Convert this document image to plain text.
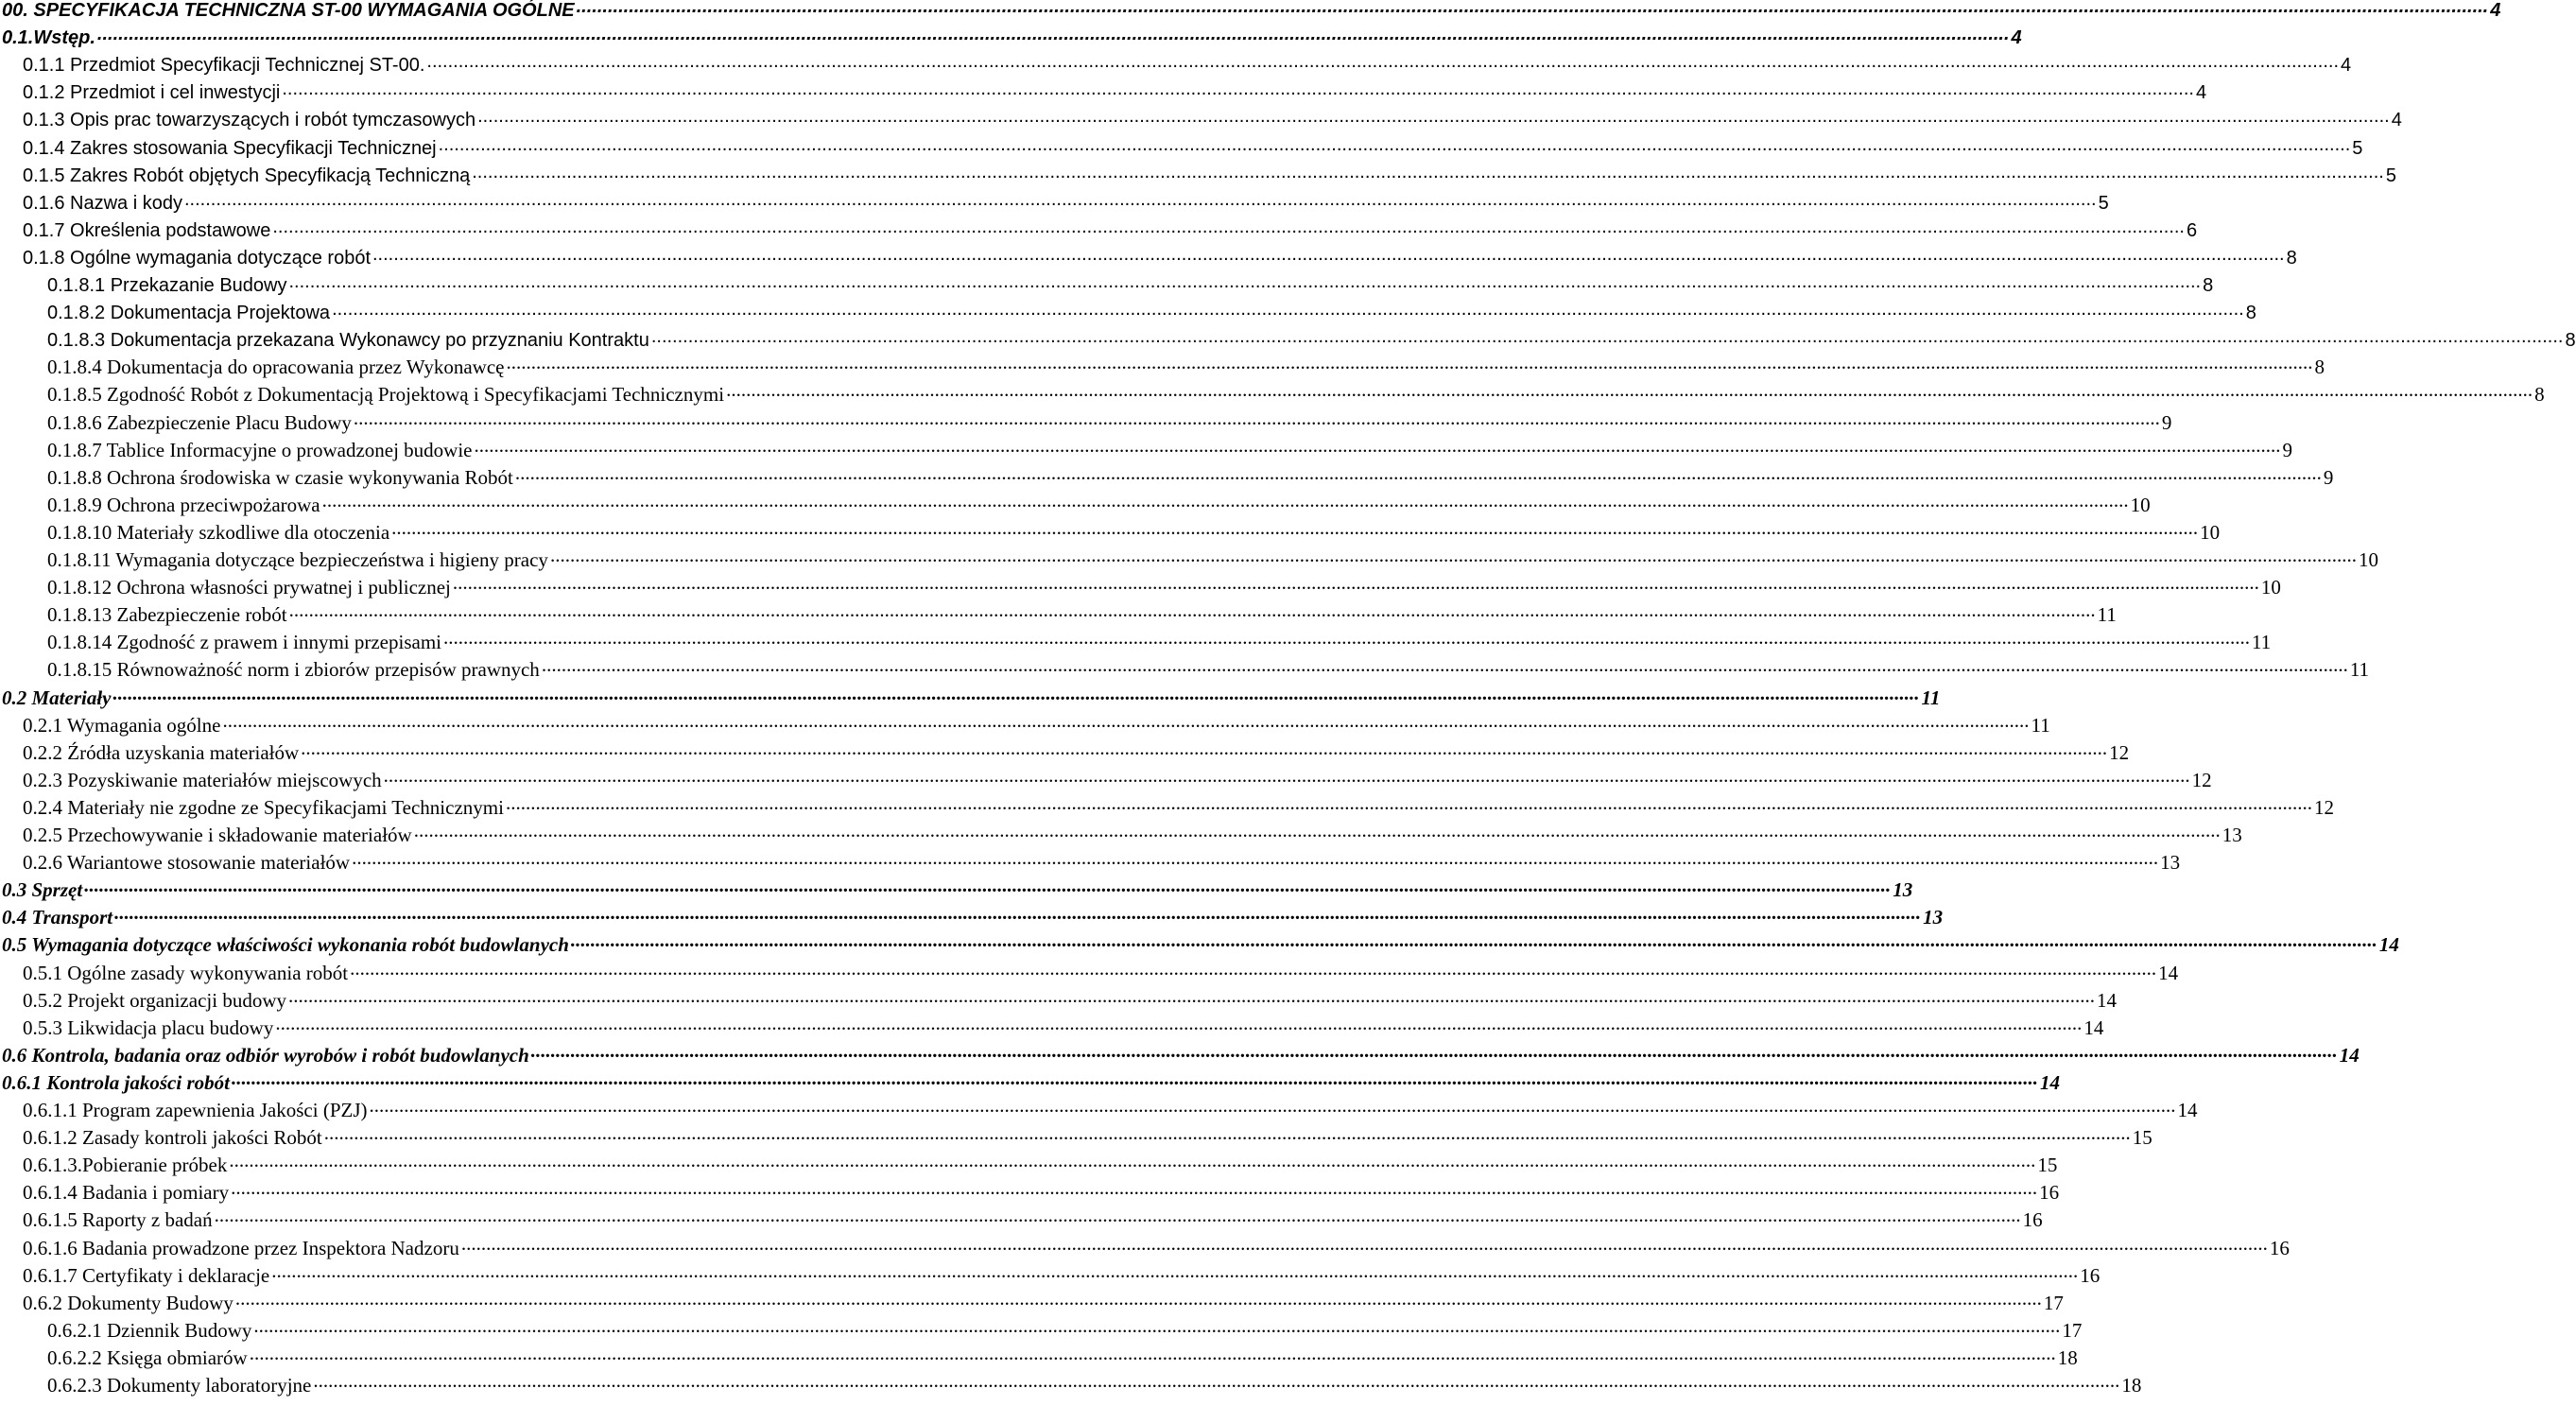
00. SPECYFIKACJA TECHNICZNA ST-00 WYMAGANIA OGÓLNE .....	4
0.1.Wstęp. .....	4
0.1.1 Przedmiot Specyfikacji Technicznej ST-00. .....	4
0.1.2 Przedmiot i cel inwestycji .....	4
0.1.3 Opis prac towarzyszących i robót tymczasowych .....	4
0.1.4 Zakres stosowania Specyfikacji Technicznej .....	5
0.1.5 Zakres Robót objętych Specyfikacją Techniczną .....	5
0.1.6 Nazwa i kody .....	5
0.1.7 Określenia podstawowe .....	6
0.1.8 Ogólne wymagania dotyczące robót .....	8
0.1.8.1 Przekazanie Budowy .....	8
0.1.8.2 Dokumentacja Projektowa .....	8
0.1.8.3 Dokumentacja przekazana Wykonawcy po przyznaniu Kontraktu .....	8
0.1.8.4 Dokumentacja do opracowania przez Wykonawcę .....	8
0.1.8.5 Zgodność Robót z Dokumentacją Projektową i Specyfikacjami Technicznymi .....	8
0.1.8.6 Zabezpieczenie Placu Budowy .....	9
0.1.8.7 Tablice Informacyjne o prowadzonej budowie .....	9
0.1.8.8 Ochrona środowiska w czasie wykonywania Robót .....	9
0.1.8.9 Ochrona przeciwpożarowa .....	10
0.1.8.10 Materiały szkodliwe dla otoczenia .....	10
0.1.8.11 Wymagania dotyczące bezpieczeństwa i higieny pracy .....	10
0.1.8.12 Ochrona własności prywatnej i publicznej .....	10
0.1.8.13 Zabezpieczenie robót .....	11
0.1.8.14 Zgodność z prawem i innymi przepisami .....	11
0.1.8.15 Równoważność norm i zbiorów przepisów prawnych .....	11
0.2 Materiały .....	11
0.2.1 Wymagania ogólne .....	11
0.2.2 Źródła uzyskania materiałów .....	12
0.2.3 Pozyskiwanie materiałów miejscowych .....	12
0.2.4 Materiały nie zgodne ze Specyfikacjami Technicznymi .....	12
0.2.5 Przechowywanie i składowanie materiałów .....	13
0.2.6 Wariantowe stosowanie materiałów .....	13
0.3 Sprzęt .....	13
0.4 Transport .....	13
0.5 Wymagania dotyczące właściwości wykonania robót budowlanych .....	14
0.5.1 Ogólne zasady wykonywania robót .....	14
0.5.2 Projekt organizacji budowy .....	14
0.5.3 Likwidacja placu budowy .....	14
0.6 Kontrola, badania oraz odbiór wyrobów i robót budowlanych .....	14
0.6.1 Kontrola jakości robót .....	14
0.6.1.1 Program zapewnienia Jakości (PZJ) .....	14
0.6.1.2 Zasady kontroli jakości Robót .....	15
0.6.1.3.Pobieranie próbek .....	15
0.6.1.4 Badania i pomiary .....	16
0.6.1.5 Raporty z badań .....	16
0.6.1.6 Badania prowadzone przez Inspektora Nadzoru .....	16
0.6.1.7 Certyfikaty i deklaracje .....	16
0.6.2 Dokumenty Budowy .....	17
0.6.2.1 Dziennik Budowy .....	17
0.6.2.2 Księga obmiarów .....	18
0.6.2.3 Dokumenty laboratoryjne .....	18
